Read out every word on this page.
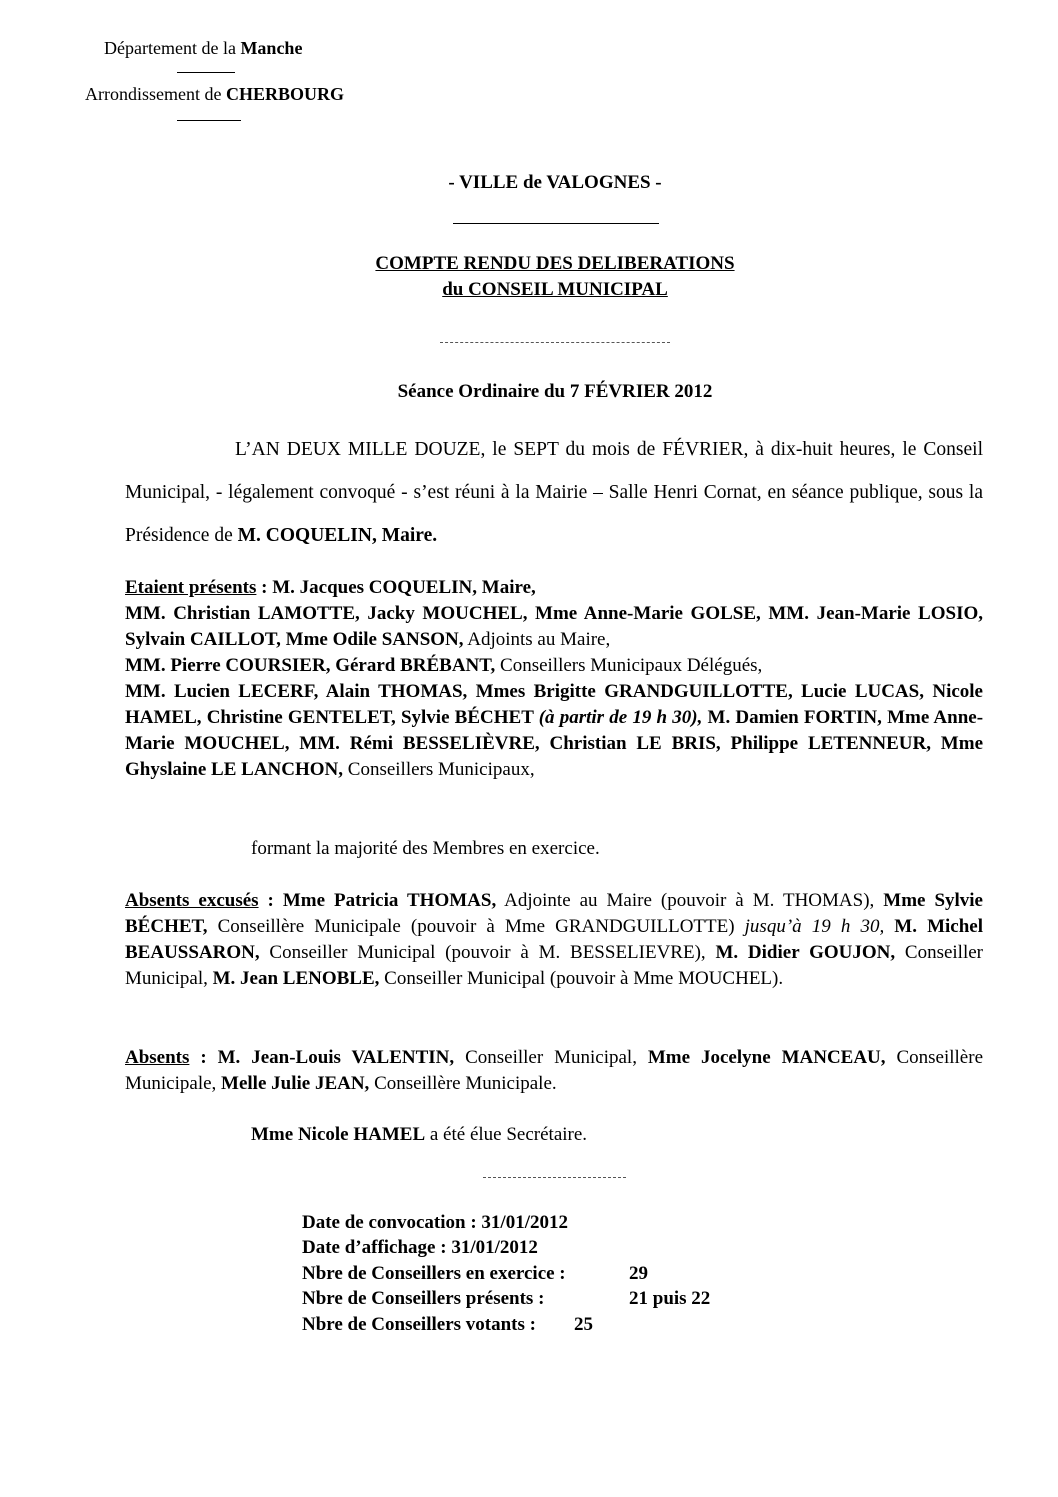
Département de la Manche
Arrondissement de CHERBOURG
- VILLE de VALOGNES -
COMPTE RENDU DES DELIBERATIONS
du CONSEIL MUNICIPAL
Séance Ordinaire du 7 FÉVRIER 2012
L’AN DEUX MILLE DOUZE, le SEPT du mois de FÉVRIER, à dix-huit heures, le Conseil Municipal, - légalement convoqué - s’est réuni à la Mairie – Salle Henri Cornat, en séance publique, sous la Présidence de M. COQUELIN, Maire.
Etaient présents : M. Jacques COQUELIN, Maire,
MM. Christian LAMOTTE, Jacky MOUCHEL, Mme Anne-Marie GOLSE, MM. Jean-Marie LOSIO, Sylvain CAILLOT, Mme Odile SANSON, Adjoints au Maire,
MM. Pierre COURSIER, Gérard BRÉBANT, Conseillers Municipaux Délégués,
MM. Lucien LECERF, Alain THOMAS, Mmes Brigitte GRANDGUILLOTTE, Lucie LUCAS, Nicole HAMEL, Christine GENTELET, Sylvie BÉCHET (à partir de 19 h 30), M. Damien FORTIN, Mme Anne-Marie MOUCHEL, MM. Rémi BESSELIÈVRE, Christian LE BRIS, Philippe LETENNEUR, Mme Ghyslaine LE LANCHON, Conseillers Municipaux,
formant la majorité des Membres en exercice.
Absents excusés : Mme Patricia THOMAS, Adjointe au Maire (pouvoir à M. THOMAS), Mme Sylvie BÉCHET, Conseillère Municipale (pouvoir à Mme GRANDGUILLOTTE) jusqu’à 19 h 30, M. Michel BEAUSSARON, Conseiller Municipal (pouvoir à M. BESSELIEVRE), M. Didier GOUJON, Conseiller Municipal, M. Jean LENOBLE, Conseiller Municipal (pouvoir à Mme MOUCHEL).
Absents : M. Jean-Louis VALENTIN, Conseiller Municipal, Mme Jocelyne MANCEAU, Conseillère Municipale, Melle Julie JEAN, Conseillère Municipale.
Mme Nicole HAMEL a été élue Secrétaire.
Date de convocation : 31/01/2012
Date d’affichage : 31/01/2012
Nbre de Conseillers en exercice :	29
Nbre de Conseillers présents :	21 puis 22
Nbre de Conseillers votants : 25
